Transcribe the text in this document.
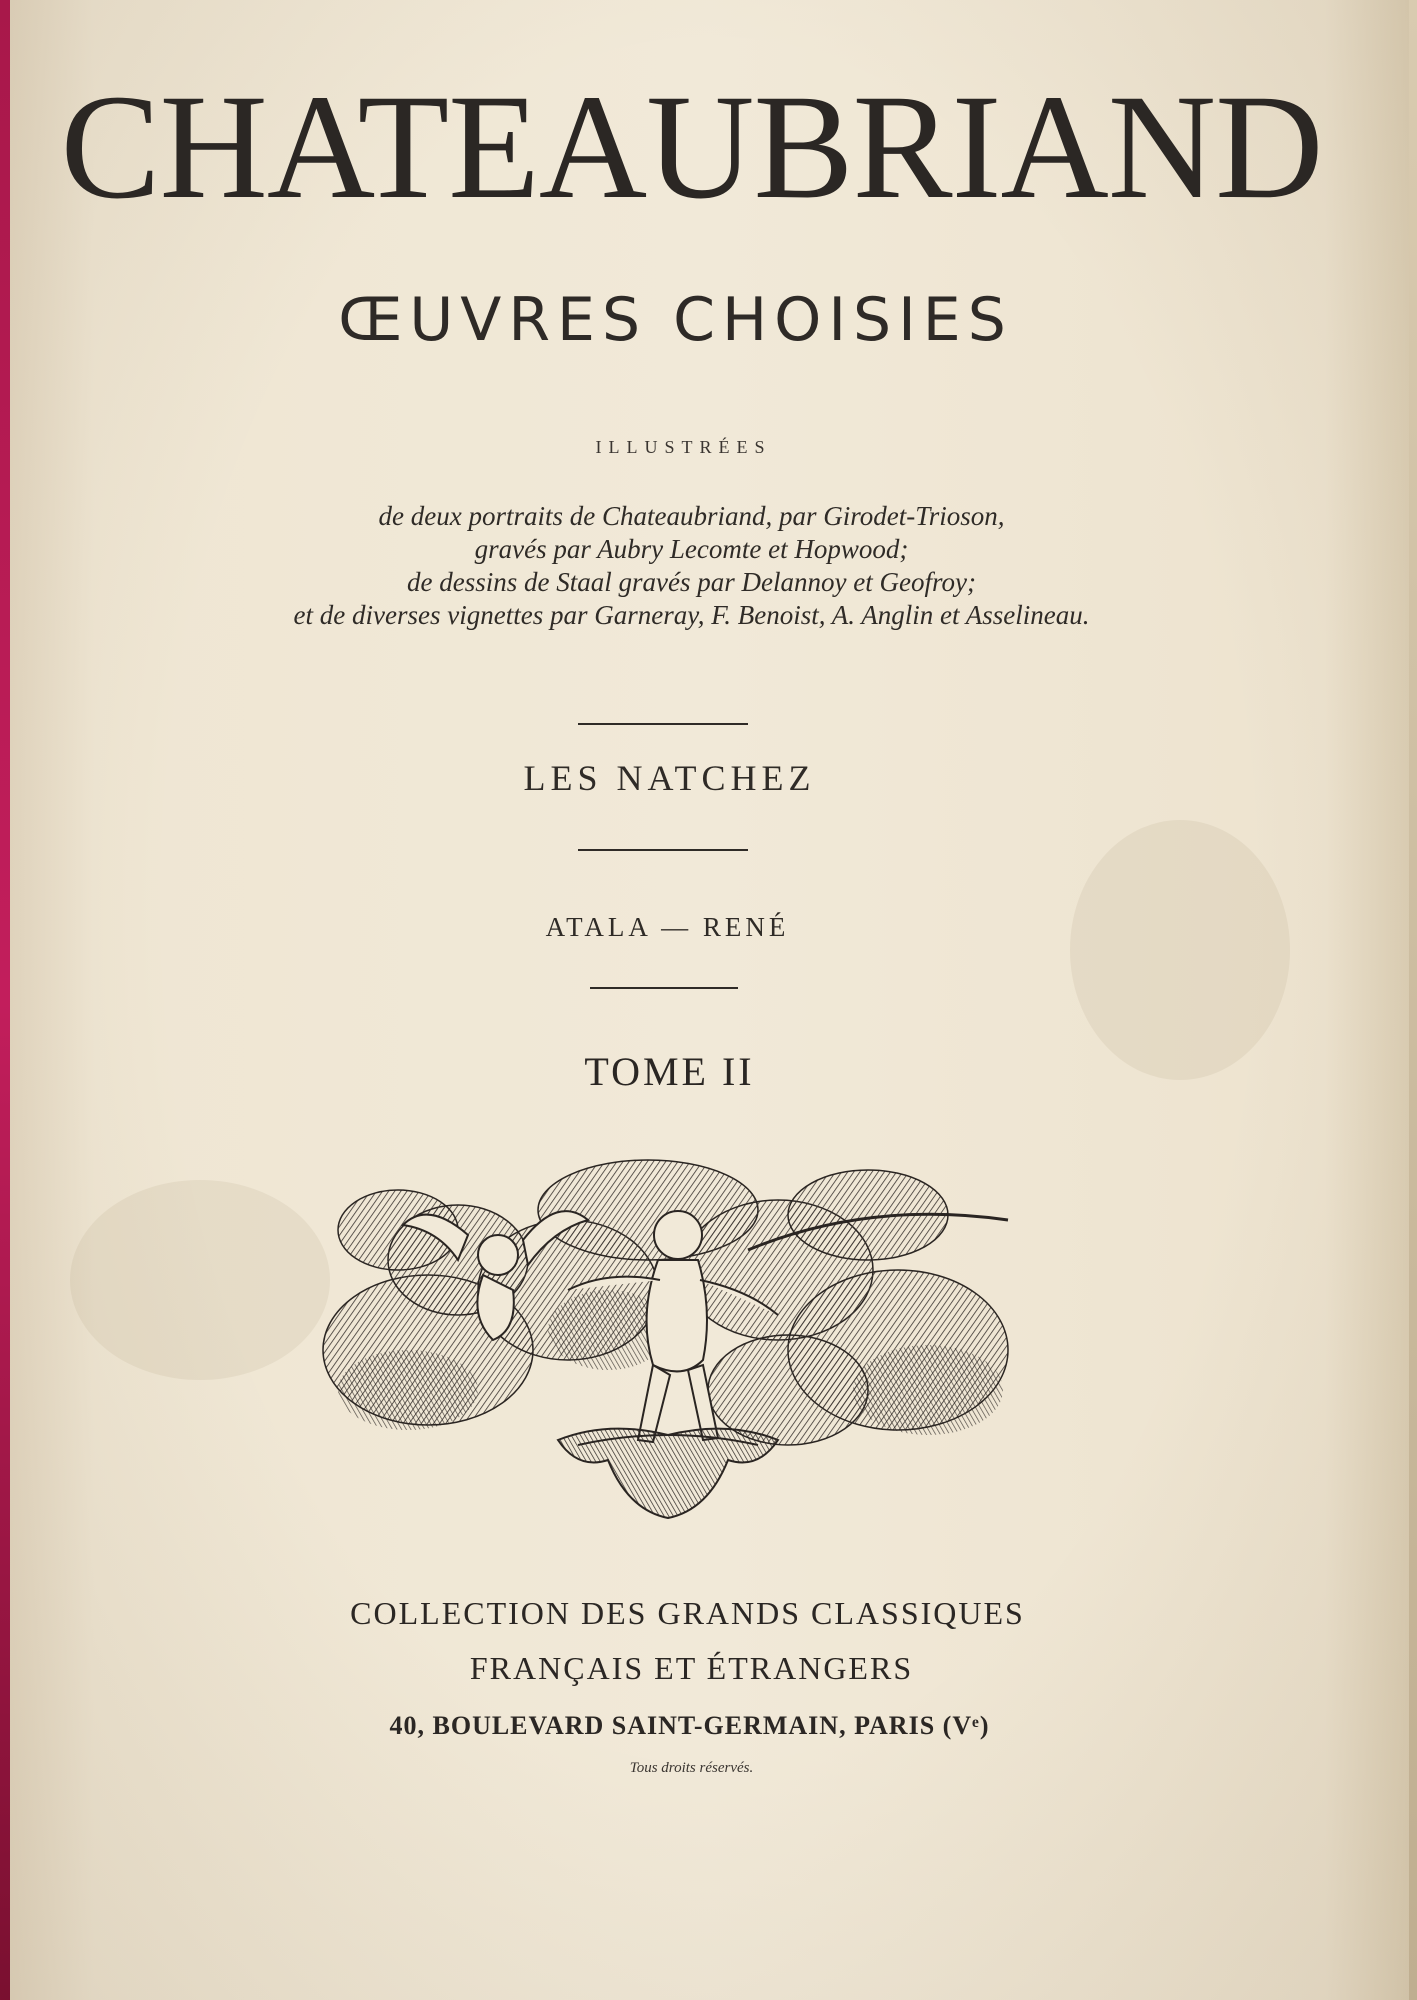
CHATEAUBRIAND
ŒUVRES CHOISIES
ILLUSTRÉES
de deux portraits de Chateaubriand, par Girodet-Trioson,
gravés par Aubry Lecomte et Hopwood;
de dessins de Staal gravés par Delannoy et Geofroy;
et de diverses vignettes par Garneray, F. Benoist, A. Anglin et Asselineau.
LES NATCHEZ
ATALA — RENÉ
TOME II
COLLECTION DES GRANDS CLASSIQUES
FRANÇAIS ET ÉTRANGERS
40, BOULEVARD SAINT-GERMAIN, PARIS (Vᵉ)
Tous droits réservés.
